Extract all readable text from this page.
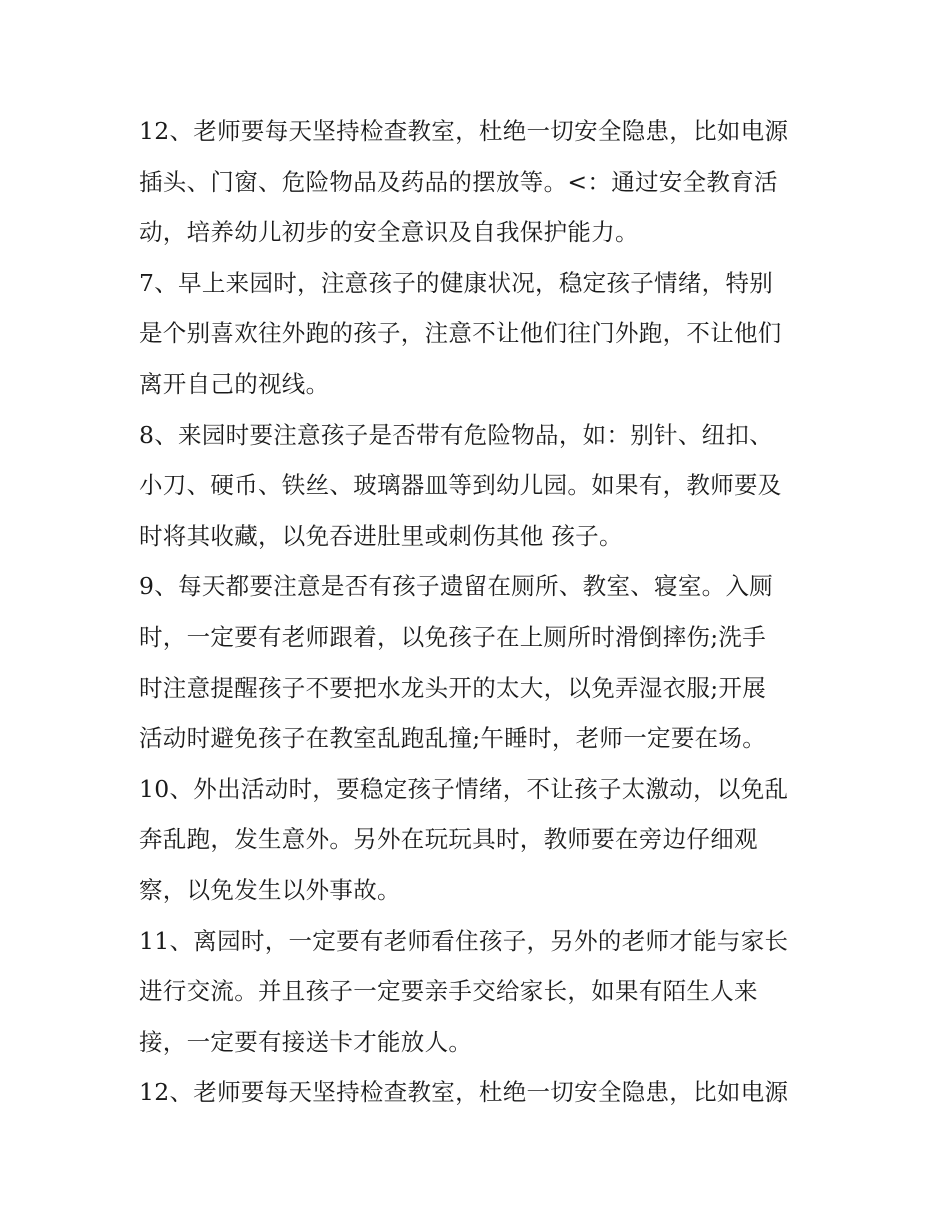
12、老师要每天坚持检查教室，杜绝一切安全隐患，比如电源
插头、门窗、危险物品及药品的摆放等。<：通过安全教育活
动，培养幼儿初步的安全意识及自我保护能力。
7、早上来园时，注意孩子的健康状况，稳定孩子情绪，特别
是个别喜欢往外跑的孩子，注意不让他们往门外跑，不让他们
离开自己的视线。
8、来园时要注意孩子是否带有危险物品，如：别针、纽扣、
小刀、硬币、铁丝、玻璃器皿等到幼儿园。如果有，教师要及
时将其收藏，以免吞进肚里或刺伤其他 孩子。
9、每天都要注意是否有孩子遗留在厕所、教室、寝室。入厕
时，一定要有老师跟着，以免孩子在上厕所时滑倒摔伤;洗手
时注意提醒孩子不要把水龙头开的太大，以免弄湿衣服;开展
活动时避免孩子在教室乱跑乱撞;午睡时，老师一定要在场。
10、外出活动时，要稳定孩子情绪，不让孩子太激动，以免乱
奔乱跑，发生意外。另外在玩玩具时，教师要在旁边仔细观
察，以免发生以外事故。
11、离园时，一定要有老师看住孩子，另外的老师才能与家长
进行交流。并且孩子一定要亲手交给家长，如果有陌生人来
接，一定要有接送卡才能放人。
12、老师要每天坚持检查教室，杜绝一切安全隐患，比如电源
